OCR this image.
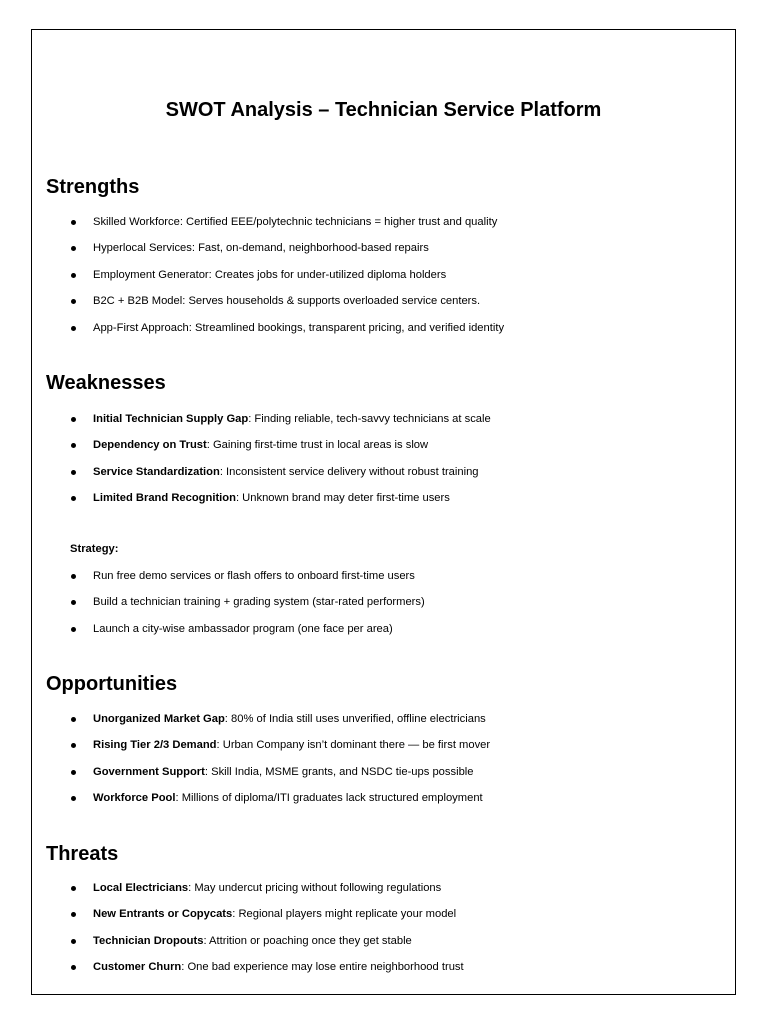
SWOT Analysis – Technician Service Platform
Strengths
Skilled Workforce: Certified EEE/polytechnic technicians = higher trust and quality
Hyperlocal Services: Fast, on-demand, neighborhood-based repairs
Employment Generator: Creates jobs for under-utilized diploma holders
B2C + B2B Model: Serves households & supports overloaded service centers.
App-First Approach: Streamlined bookings, transparent pricing, and verified identity
Weaknesses
Initial Technician Supply Gap: Finding reliable, tech-savvy technicians at scale
Dependency on Trust: Gaining first-time trust in local areas is slow
Service Standardization: Inconsistent service delivery without robust training
Limited Brand Recognition: Unknown brand may deter first-time users

Strategy:

Run free demo services or flash offers to onboard first-time users
Build a technician training + grading system (star-rated performers)
Launch a city-wise ambassador program (one face per area)
Opportunities
Unorganized Market Gap: 80% of India still uses unverified, offline electricians
Rising Tier 2/3 Demand: Urban Company isn’t dominant there — be first mover
Government Support: Skill India, MSME grants, and NSDC tie-ups possible
Workforce Pool: Millions of diploma/ITI graduates lack structured employment
Threats
Local Electricians: May undercut pricing without following regulations
New Entrants or Copycats: Regional players might replicate your model
Technician Dropouts: Attrition or poaching once they get stable
Customer Churn: One bad experience may lose entire neighborhood trust
